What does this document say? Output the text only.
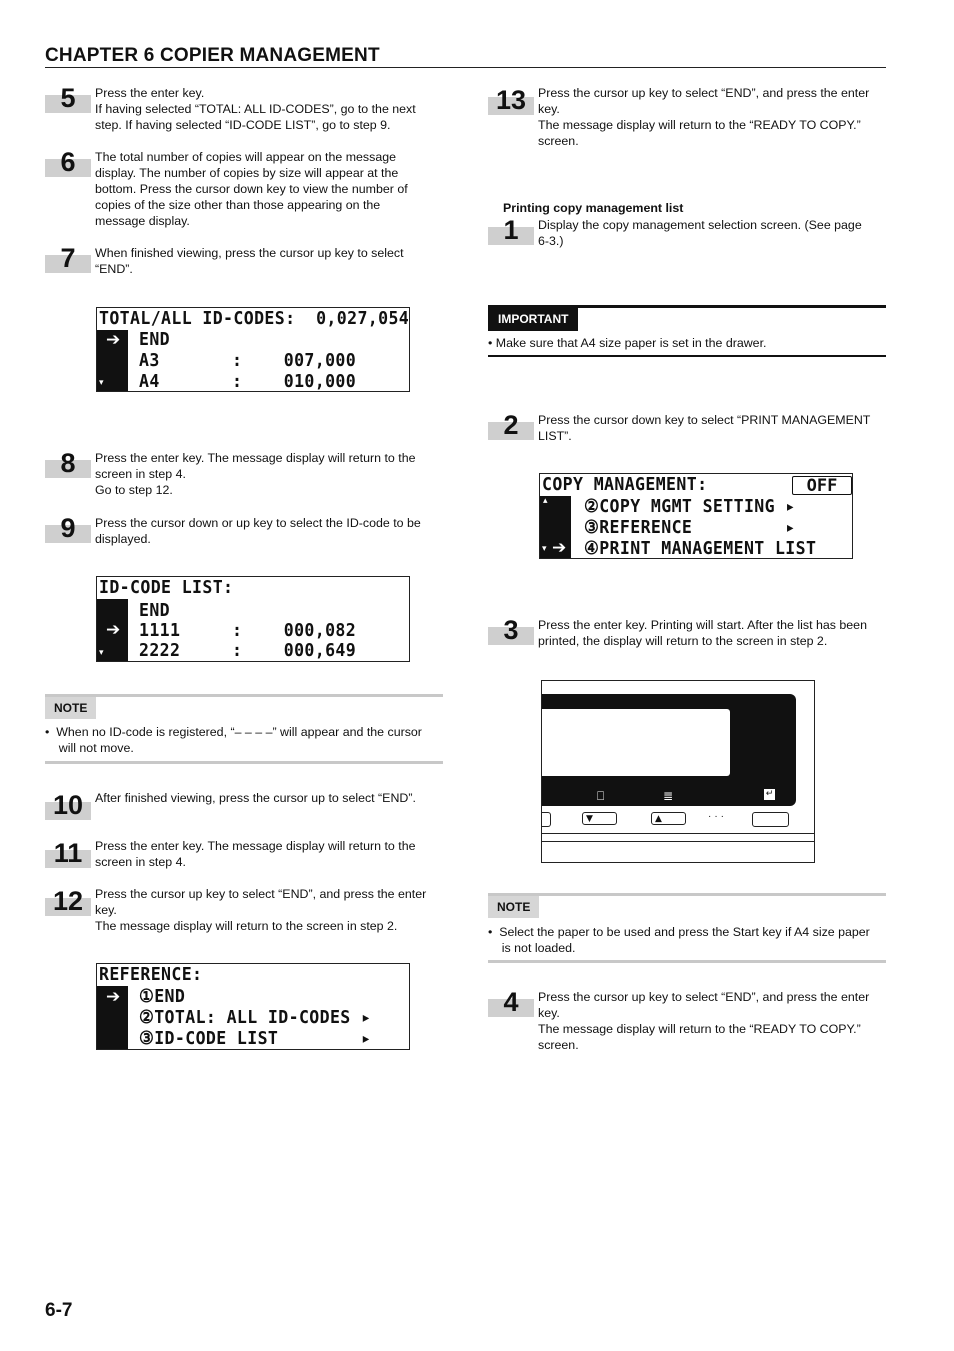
CHAPTER 6 COPIER MANAGEMENT
5	Press the enter key.
If having selected “TOTAL: ALL ID-CODES”, go to the next
step. If having selected “ID-CODE LIST”, go to step 9.
6	The total number of copies will appear on the message
display. The number of copies by size will appear at the
bottom. Press the cursor down key to view the number of
copies of the size other than those appearing on the
message display.
7	When finished viewing, press the cursor up key to select
“END”.
TOTAL/ALL ID-CODES:  0,027,054
END
A3       :    007,000
A4       :    010,000
➔
▾
8	Press the enter key. The message display will return to the
screen in step 4.
Go to step 12.
9	Press the cursor down or up key to select the ID-code to be
displayed.
ID-CODE LIST:
END
1111     :    000,082
2222     :    000,649
➔
▾
NOTE
•  When no ID-code is registered, “– – – –” will appear and the cursor
will not move.
10 After finished viewing, press the cursor up to select “END”.
11	Press the enter key. The message display will return to the
screen in step 4.
12 Press the cursor up key to select “END”, and press the enter
key.
The message display will return to the screen in step 2.
REFERENCE:
①END
②TOTAL: ALL ID-CODES ▸
③ID-CODE LIST        ▸
➔
13 Press the cursor up key to select “END”, and press the enter
key.
The message display will return to the “READY TO COPY.”
screen.
Printing copy management list
1	Display the copy management selection screen. (See page
6-3.)
IMPORTANT
• Make sure that A4 size paper is set in the drawer.
2	Press the cursor down key to select “PRINT MANAGEMENT
LIST”.
COPY MANAGEMENT:	OFF
②COPY MGMT SETTING ▸
③REFERENCE         ▸
④PRINT MANAGEMENT LIST
▴
▾ ➔
3	Press the enter key. Printing will start. After the list has been
printed, the display will return to the screen in step 2.
⎕	≣	↵
▼	▲	···
NOTE
•  Select the paper to be used and press the Start key if A4 size paper
is not loaded.
4	Press the cursor up key to select “END”, and press the enter
key.
The message display will return to the “READY TO COPY.”
screen.
6-7
